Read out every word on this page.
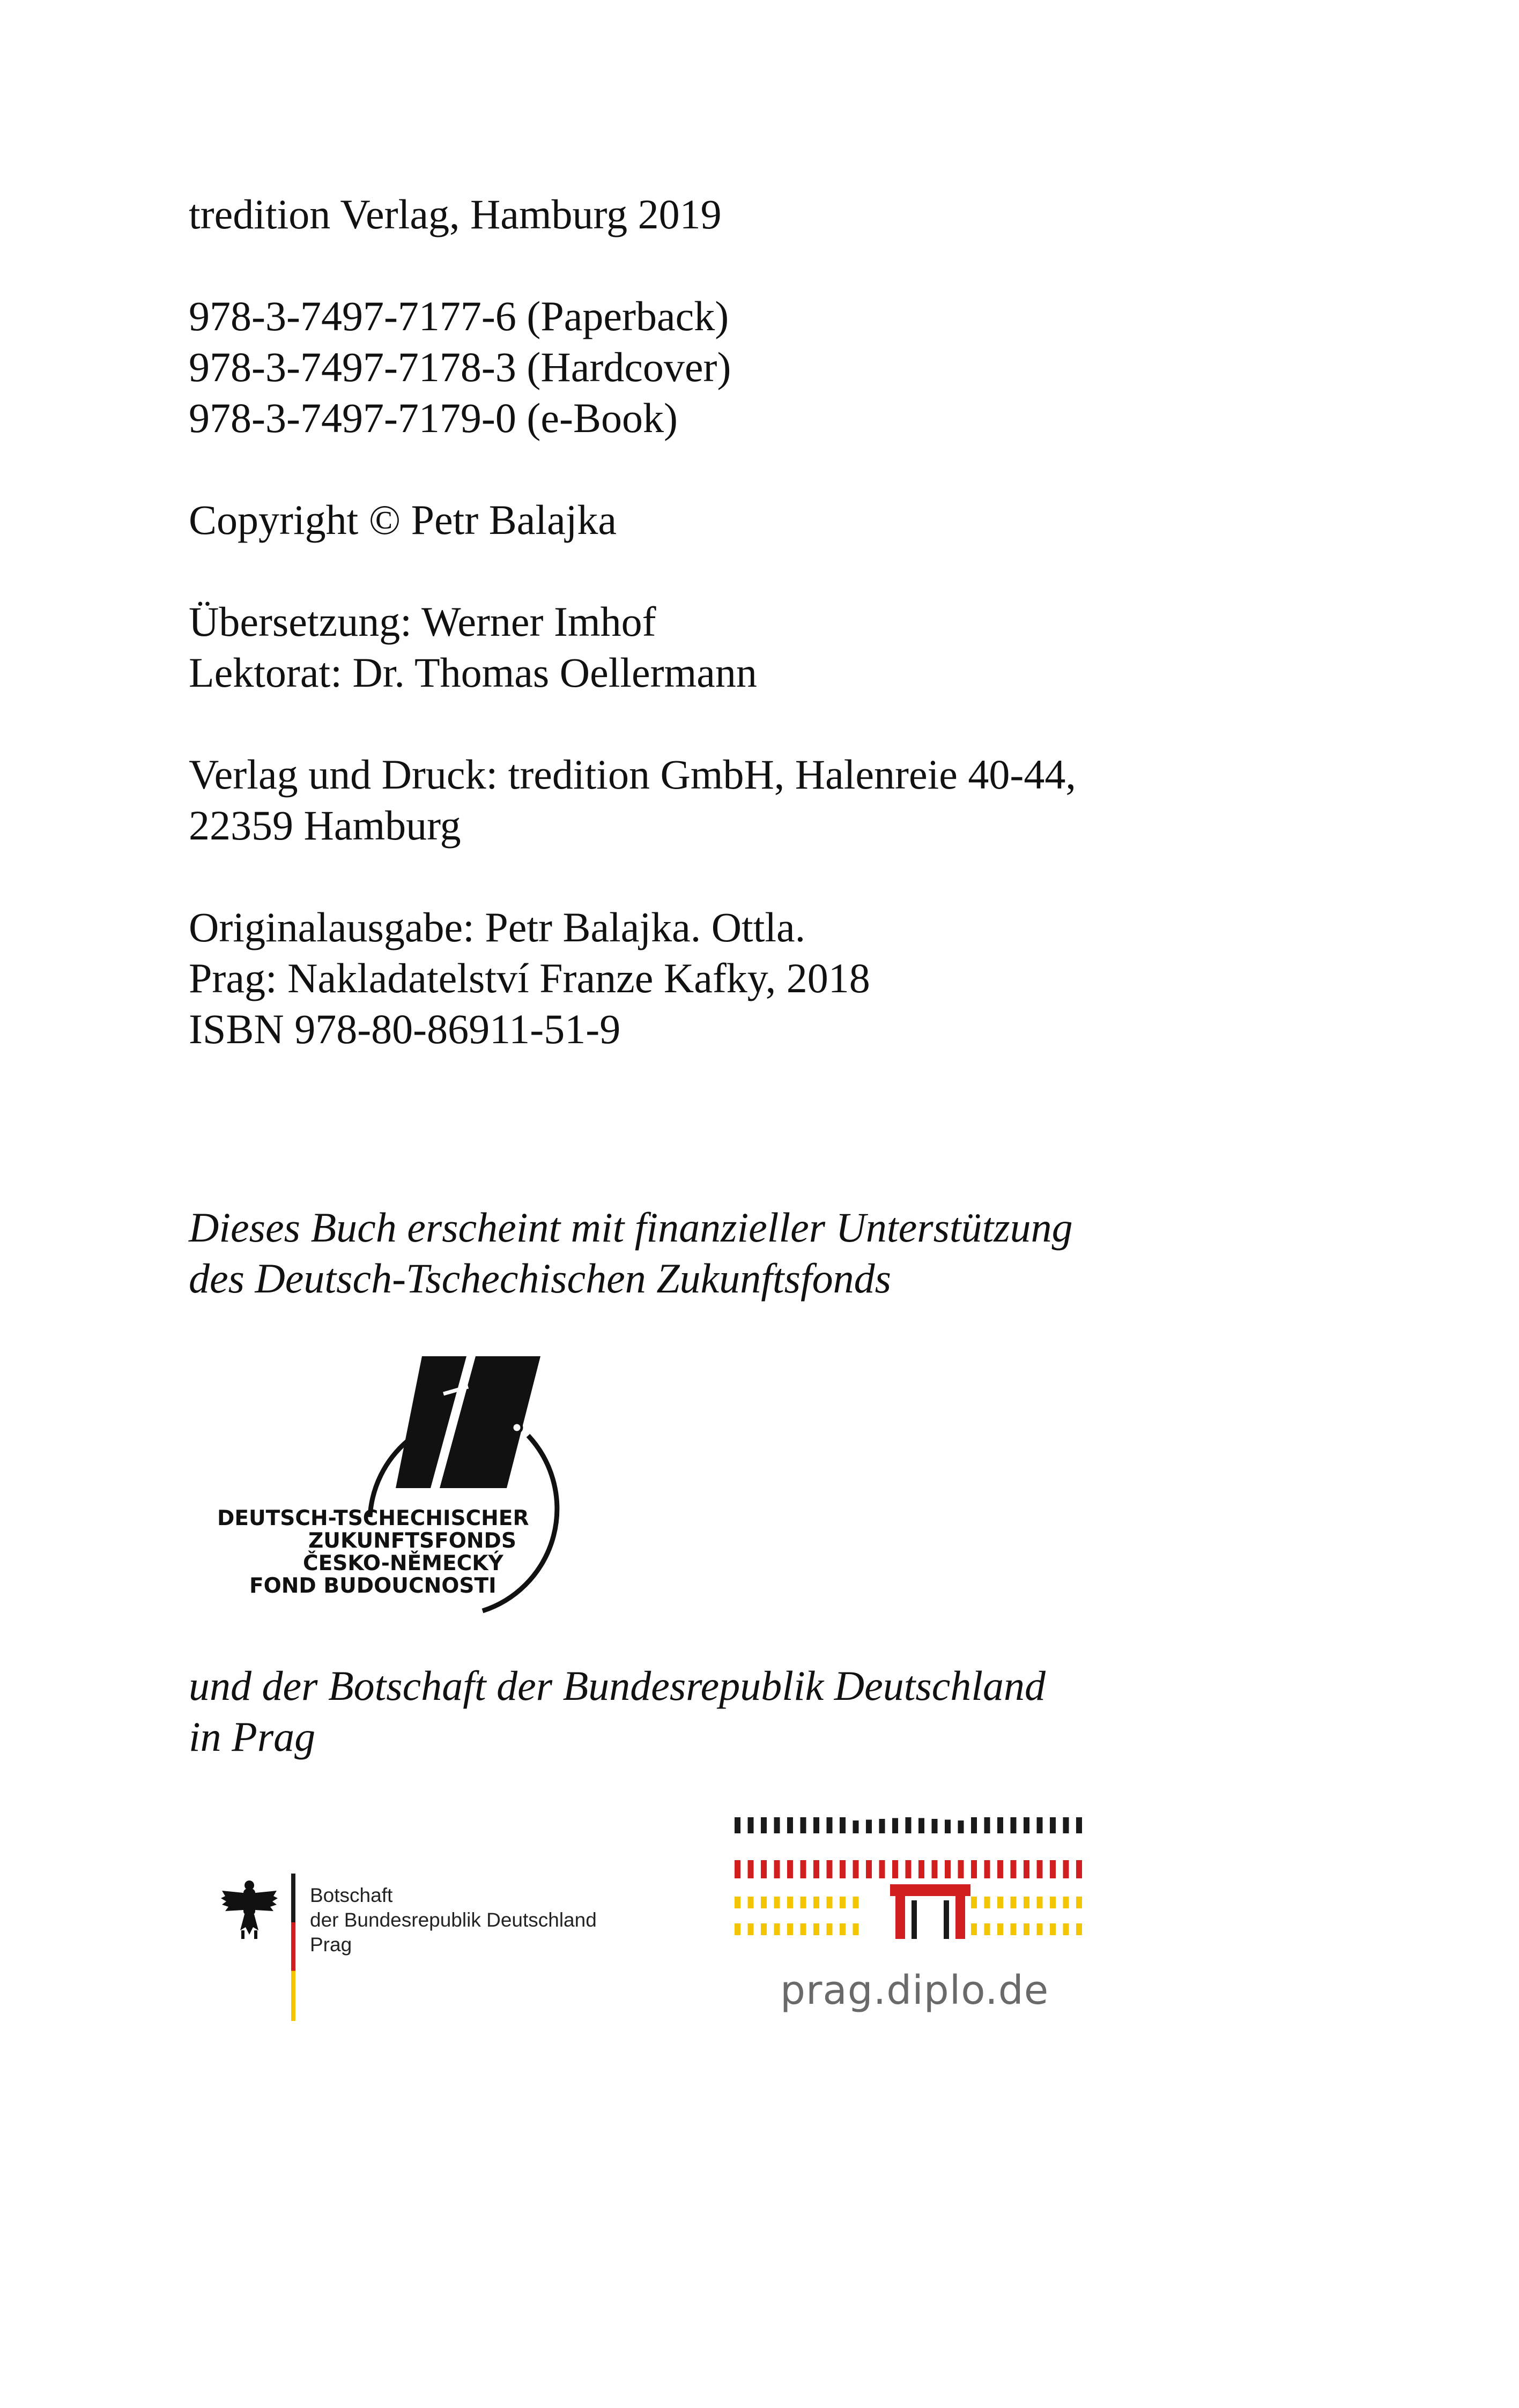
tredition Verlag, Hamburg 2019
978-3-7497-7177-6 (Paperback)
978-3-7497-7178-3 (Hardcover)
978-3-7497-7179-0 (e-Book)
Copyright © Petr Balajka
Übersetzung: Werner Imhof
Lektorat: Dr. Thomas Oellermann
Verlag und Druck: tredition GmbH, Halenreie 40-44,
22359 Hamburg
Originalausgabe: Petr Balajka. Ottla.
Prag: Nakladatelství Franze Kafky, 2018
ISBN 978-80-86911-51-9
Dieses Buch erscheint mit finanzieller Unterstützung
des Deutsch-Tschechischen Zukunftsfonds
DEUTSCH-TSCHECHISCHER
ZUKUNFTSFONDS
ČESKO-NĚMECKÝ
FOND BUDOUCNOSTI
und der Botschaft der Bundesrepublik Deutschland
in Prag
Botschaft
der Bundesrepublik Deutschland
Prag
prag.diplo.de
